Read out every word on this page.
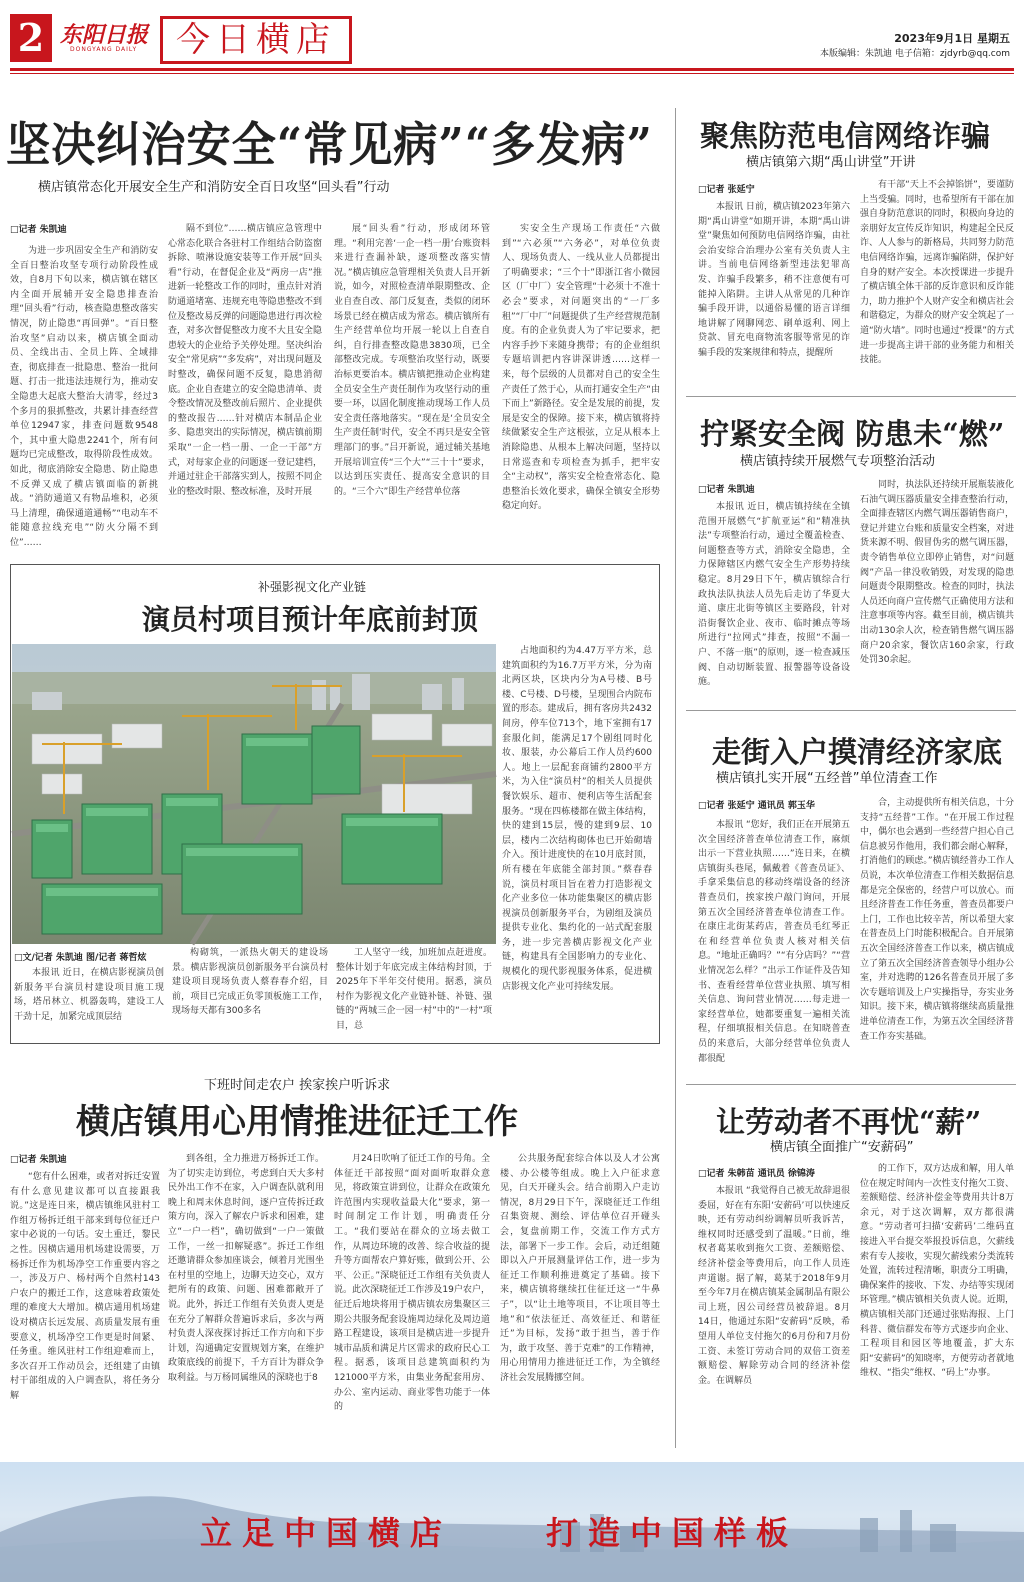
2 东阳日报
DONGYANG DAILY	今日横店	2023年9月1日 星期五
本版编辑：朱凯迪 电子信箱：zjdyrb@qq.com
坚决纠治安全“常见病”“多发病”
横店镇常态化开展安全生产和消防安全百日攻坚“回头看”行动
□记者 朱凯迪

为进一步巩固安全生产和消防安全百日整治攻坚专项行动阶段性成效，自8月下旬以来，横店镇在辖区内全面开展辅开安全隐患排查治理“回头看”行动，核查隐患整改落实情况，防止隐患“再回弹”。“百日整治攻坚”启动以来，横店镇全面动员、全线出击、全员上阵、全域排查，彻底排查一批隐患、整治一批问题、打击一批违法违规行为，推动安全隐患大起底大整治大清零，经过3个多月的狠抓整改，共累计排查经营单位12947家，排查问题数9548个，其中重大隐患2241个，所有问题均已完成整改，取得阶段性成效。如此，彻底消除安全隐患、防止隐患不反弹又成了横店镇面临的新挑战。“消防通道又有物品堆积，必须马上清理，确保通道通畅”“电动车不能随意拉线充电”“防火分隔不到位”……

隔不到位”……横店镇应急管理中心常态化联合各驻村工作组结合防盗窗拆除、喷淋设施安装等工作开展“回头看”行动，在督促企业及“两房一店”推进新一轮整改工作的同时，重点针对消防通道堵塞、违规充电等隐患整改不到位及整改易反弹的问题隐患进行再次检查，对多次督促整改力度不大且安全隐患较大的企业给予关停处理。坚决纠治安全“常见病”“多发病”，对出现问题及时整改，确保问题不反复，隐患消彻底。企业自查建立的安全隐患清单、责令整改情况及整改前后照片、企业提供的整改报告……针对横店本制品企业多、隐患突出的实际情况，横店镇前期采取“一企一档一册、一企一干部”方式，对每家企业的问题逐一登记建档，并通过驻企干部落实到人，按照不同企业的整改时限、整改标准，及时开展

展“回头看”行动，形成闭环管理。“利用完善‘一企一档一册’台账资料来进行查漏补缺，逐项整改落实情况。”横店镇应急管理相关负责人吕开新说，如今，对照检查清单限期整改、企业自查自改、部门反复查，类似的闭环场景已经在横店成为常态。横店镇所有生产经营单位均开展一轮以上自查自纠，自行排查整改隐患3830项，已全部整改完成。专项整治攻坚行动，既要治标更要治本。横店镇把推动企业构建全员安全生产责任制作为攻坚行动的重要一环，以固化制度推动现场工作人员安全责任落地落实。“现在是‘全员安全生产责任制’时代，安全不再只是安全管理部门的事。”吕开新说，通过辅关基地开展培训宣传“三个大”“三十十”要求，以达到压实责任、提高安全意识的目的。“三个六”即生产经营单位落

实安全生产现场工作责任“六做到”“六必须”“六务必”，对单位负责人、现场负责人、一线从业人员都提出了明确要求；“三个十”即浙江省小微园区（厂中厂）安全管理“十必须十不准十必会”要求，对问题突出的“一厂多租”“厂中厂”问题提供了生产经营规范制度。有的企业负责人为了牢记要求，把内容手抄下来随身携带；有的企业组织专题培训把内容讲深讲透……这样一来，每个层级的人员都对自己的安全生产责任了然于心，从而打通安全生产“由下而上”新路径。安全是发展的前提，发展是安全的保障。接下来，横店镇将持续做紧安全生产这根弦，立足从根本上消除隐患、从根本上解决问题，坚持以日常巡查和专项检查为抓手，把牢安全“主动权”，落实安全检查常态化、隐患整治长效化要求，确保全镇安全形势稳定向好。

聚焦防范电信网络诈骗
横店镇第六期“禹山讲堂”开讲
□记者 张延宁

本报讯 日前，横店镇2023年第六期“禹山讲堂”如期开讲，本期“禹山讲堂”聚焦如何预防电信网络诈骗，由社会治安综合治理办公室有关负责人主讲。当前电信网络新型违法犯罪高发、诈骗手段繁多，稍不注意便有可能掉入陷阱。主讲人从常见的几种诈骗手段开讲，以通俗易懂的语言详细地讲解了网聊网恋、刷单返利、网上贷款、冒充电商物流客服等常见的诈骗手段的发案规律和特点，提醒所

有干部“天上不会掉馅饼”，要谨防上当受骗。同时，也希望所有干部在加强自身防范意识的同时，积极向身边的亲朋好友宣传反诈知识，构建起全民反诈、人人参与的新格局，共同努力防范电信网络诈骗，远离诈骗陷阱，保护好自身的财产安全。本次授课进一步提升了横店镇全体干部的反诈意识和反诈能力，助力推护个人财产安全和横店社会和谐稳定，为群众的财产安全筑起了一道“防火墙”。同时也通过“授课”的方式进一步提高主讲干部的业务能力和相关技能。

拧紧安全阀 防患未“燃”
横店镇持续开展燃气专项整治活动
□记者 朱凯迪

本报讯 近日，横店镇持续在全镇范围开展燃气“扩航亚运”和“精准执法”专项整治行动，通过全覆盖检查、问题整查等方式，消除安全隐患，全力保障辖区内燃气安全生产形势持续稳定。8月29日下午，横店镇综合行政执法队执法人员先后走访了华夏大道、康庄北街等镇区主要路段，针对沿街餐饮企业、夜市、临时摊点等场所进行“拉网式”排查，按照“不漏一户、不落一瓶”的原则，逐一检查减压阀、自动切断装置、报警器等设备设施。

同时，执法队还持续开展瓶装液化石油气调压器质量安全排查整治行动，全面排查辖区内燃气调压器销售商户，登记并建立台账和质量安全档案，对进货来源不明、假冒伪劣的燃气调压器，责令销售单位立即停止销售，对“问题阀”产品一律没收销毁，对发现的隐患问题责令限期整改。检查的同时，执法人员还向商户宣传燃气正确使用方法和注意事项等内容。截至目前，横店镇共出动130余人次，检查销售燃气调压器商户20余家，餐饮店160余家，行政处罚30余起。

走街入户摸清经济家底
横店镇扎实开展“五经普”单位清查工作
□记者 张延宁 通讯员 郭玉华

本报讯 “您好，我们正在开展第五次全国经济普查单位清查工作，麻烦出示一下营业执照……”连日来，在横店镇街头巷尾，佩戴着《普查员证》、手拿采集信息的移动终端设备的经济普查员们，挨家挨户敲门询问，开展第五次全国经济普查单位清查工作。在康庄北街某药店，普查员毛红琴正在和经营单位负责人核对相关信息。“地址正确吗？”“有分店吗？”“营业情况怎么样？”出示工作证件及告知书、查看经营单位营业执照、填写相关信息、询问营业情况……每走进一家经营单位，她都要重复一遍相关流程，仔细填报相关信息。在知晓普查员的来意后，大部分经营单位负责人都很配

合，主动提供所有相关信息，十分支持“五经普”工作。“在开展工作过程中，偶尔也会遇到一些经营户担心自己信息被另作他用，我们都会耐心解释，打消他们的顾虑。”横店镇经普办工作人员说，本次单位清查工作相关数据信息都是完全保密的，经营户可以放心。而且经济普查工作任务重，普查员都要户上门，工作也比较辛苦，所以希望大家在普查员上门时能积极配合。自开展第五次全国经济普查工作以来，横店镇成立了第五次全国经济普查领导小组办公室，并对选聘的126名普查员开展了多次专题培训及上户实操指导，夯实业务知识。接下来，横店镇将继续高质量推进单位清查工作，为第五次全国经济普查工作夯实基础。

补强影视文化产业链
演员村项目预计年底前封顶

占地面积约为4.47万平方米，总建筑面积约为16.7万平方米，分为南北两区块，区块内分为A号楼、B号楼、C号楼、D号楼，呈现围合内院布置的形态。建成后，拥有客房共2432间房，停车位713个，地下室拥有17套服化间，能满足17个剧组同时化妆、服装，办公幕后工作人员约600人。地上一层配套商铺约2800平方米，为入住“演员村”的相关人员提供餐饮娱乐、超市、便利店等生活配套服务。“现在四栋楼都在做主体结构，快的建到15层，慢的建到9层、10层，楼内二次结构砌体也已开始砌墙介入。预计进度快的在10月底封顶，所有楼在年底能全部封顶。”蔡春春说，演员村项目旨在着力打造影视文化产业多位一体功能集聚区的横店影视演员创新服务平台，为剧组及演员提供专业化、集约化的一站式配套服务，进一步完善横店影视文化产业链，构建具有全国影响力的专业化、规模化的现代影视服务体系，促进横店影视文化产业可持续发展。

□文/记者 朱凯迪 图/记者 蒋哲炫

本报讯 近日，在横店影视演员创新服务平台演员村建设项目施工现场，塔吊林立、机器轰鸣，建设工人干劲十足，加紧完成顶层结

构砌筑，一派热火朝天的建设场景。横店影视演员创新服务平台演员村建设项目现场负责人蔡春春介绍，目前，项目已完成正负零顶板施工工作，现场每天都有300多名

工人坚守一线，加班加点赶进度。整体计划于年底完成主体结构封顶，于2025年下半年交付使用。据悉，演员村作为影视文化产业链补链、补链、强链的“两城三企一园一村”中的“一村”项目，总

下班时间走农户 挨家挨户听诉求
横店镇用心用情推进征迁工作
□记者 朱凯迪

“您有什么困难，或者对拆迁安置有什么意见建议都可以直接跟我说。”这是连日来，横店镇维风驻村工作组万杨拆迁组干部来到每位征迁户家中必说的一句话。安土重迁，黎民之性。因横店通用机场建设需要，万杨拆迁作为机场净空工作重要内容之一，涉及万户、杨村两个自然村143户农户的搬迁工作，这意味着政策处理的难度大大增加。横店通用机场建设对横店长远发展、高质量发展有重要意义，机场净空工作更是时间紧、任务重。维风驻村工作组迎难而上，多次召开工作动员会，还组建了由镇村干部组成的入户调查队，将任务分解

到各组，全力推进万杨拆迁工作。为了切实走访到位，考虑到白天大多村民外出工作不在家，入户调查队就利用晚上和周末休息时间，逐户宣传拆迁政策方向，深入了解农户诉求和困难，建立“一户一档”，确切做到“一户一策做工作，一丝一扣解疑惑”。拆迁工作组还邀请群众参加座谈会，倾着月光围坐在村里的空地上，边聊天边交心，双方把所有的政策、问题、困难都敞开了说。此外，拆迁工作组有关负责人更是在充分了解群众普遍诉求后，多次与两村负责人深夜探讨拆迁工作方向和下步计划，沟通确定安置规划方案，在维护政策底线的前提下，千方百计为群众争取利益。与万杨同属维风的深晓也于8

月24日吹响了征迁工作的号角。全体征迁干部按照“面对面听取群众意见，将政策宣讲到位，让群众在政策允许范围内实现收益最大化”要求，第一时间制定工作计划，明确责任分工。“我们要站在群众的立场去做工作，从周边环境的改善、综合收益的提升等方面帮农户算好账，做到公开、公平、公正。”深晓征迁工作组有关负责人说。此次深晓征迁工作涉及19户农户，征迁后地块将用于横店镇农房集聚区三期公共服务配套设施周边绿化及周边道路工程建设，该项目是横店进一步提升城市品质和满足片区需求的政府民心工程。据悉，该项目总建筑面积约为121000平方米，由集业务配套用房、办公、室内运动、商业零售功能于一体的

公共服务配套综合体以及人才公寓楼、办公楼等组成。晚上入户征求意见，白天开碰头会。结合前期入户走访情况，8月29日下午，深晓征迁工作组召集资规、测绘、评估单位召开碰头会，复盘前期工作，交流工作方式方法，部署下一步工作。会后，动迁组随即以入户开展测量评估工作，进一步为征迁工作顺利推进奠定了基础。接下来，横店镇将继续扛住征迁这一“牛鼻子”，以“让土地等项目，不让项目等土地”和“依法征迁、高效征迁、和谐征迁”为目标，发扬“敢于担当，善于作为，敢于攻坚、善于克难”的工作精神，用心用情用力推进征迁工作，为全镇经济社会发展腾挪空间。

让劳动者不再忧“薪”
横店镇全面推广“安薪码”
□记者 朱韩苗 通讯员 徐锦涛

本报讯 “我觉得自己被无故辞退很委屈，好在有东阳‘安薪码’可以快速反映，还有劳动纠纷调解员听我诉苦，维权同时还感受到了温暖。”日前，维权者葛某收到拖欠工资、差额赔偿、经济补偿金等费用后，向工作人员连声道谢。据了解，葛某于2018年9月至今年7月在横店镇某金属制品有限公司上班，因公司经营员被辞退。8月14日，他通过东阳“安薪码”反映，希望用人单位支付拖欠的6月份和7月份工资、未签订劳动合同的双倍工资差额赔偿、解除劳动合同的经济补偿金。在调解员

的工作下，双方达成和解，用人单位在规定时间内一次性支付拖欠工资、差额赔偿、经济补偿金等费用共计8万余元，对于这次调解，双方都很满意。“劳动者可扫描‘安薪码’二维码直接进入平台提交举报投诉信息，欠薪线索有专人接收，实现欠薪线索分类流转处置，流转过程清晰，职责分工明确，确保案件的接收、下发、办结等实现闭环管理。”横店镇相关负责人说。近期，横店镇相关部门还通过张贴海报、上门科普、微信群发布等方式逐步向企业、工程项目和园区等地覆盖，扩大东阳“安薪码”的知晓率，方便劳动者就地维权、“指尖”维权、“码上”办事。

立足中国横店	打造中国样板
